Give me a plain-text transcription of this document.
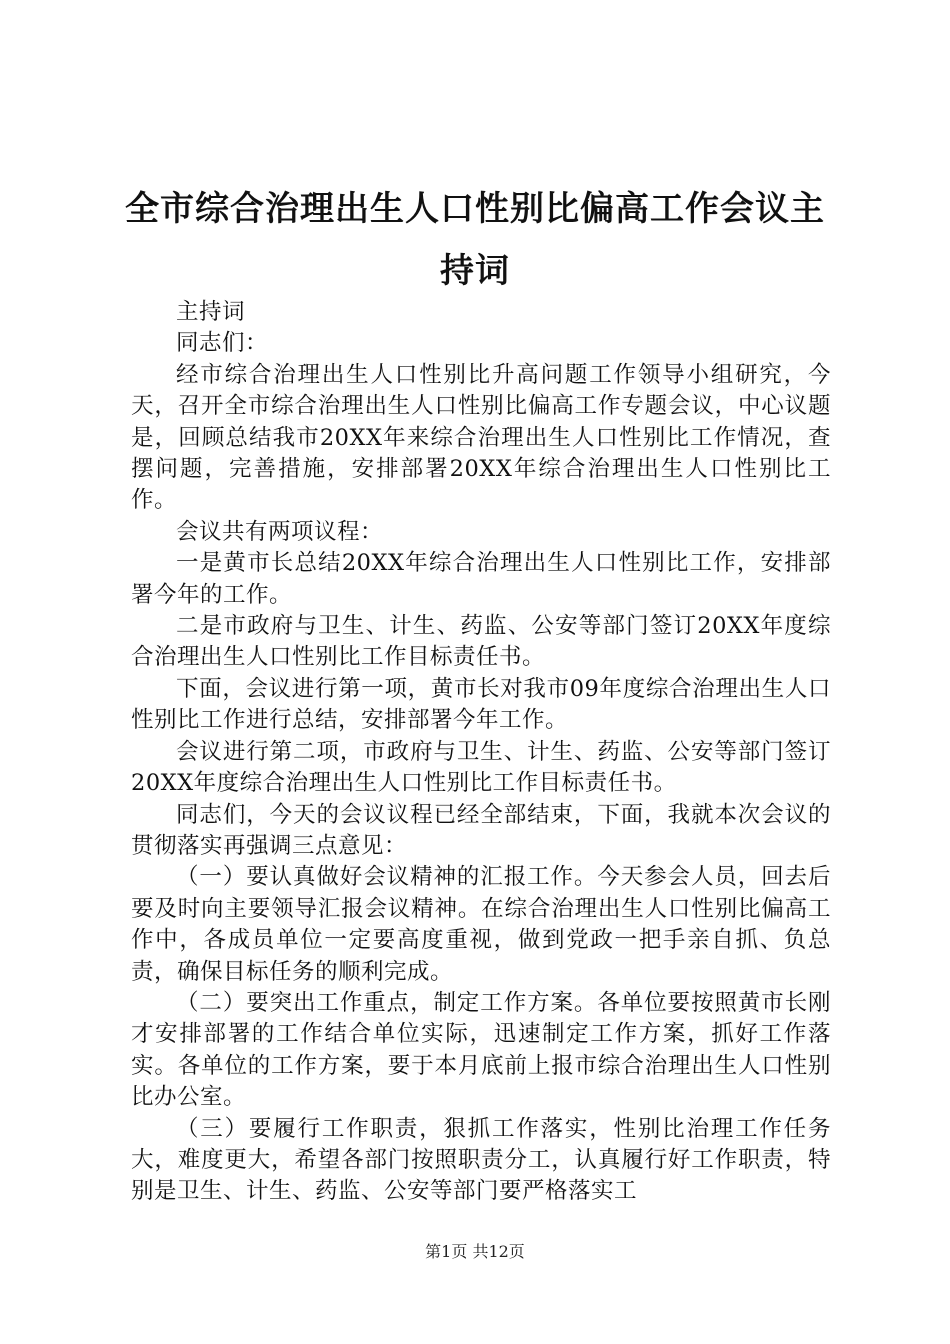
全市综合治理出生人口性别比偏高工作会议主持词

主持词

同志们：

经市综合治理出生人口性别比升高问题工作领导小组研究，今天，召开全市综合治理出生人口性别比偏高工作专题会议，中心议题是，回顾总结我市20XX年来综合治理出生人口性别比工作情况，查摆问题，完善措施，安排部署20XX年综合治理出生人口性别比工作。

会议共有两项议程：

一是黄市长总结20XX年综合治理出生人口性别比工作，安排部署今年的工作。

二是市政府与卫生、计生、药监、公安等部门签订20XX年度综合治理出生人口性别比工作目标责任书。

下面，会议进行第一项，黄市长对我市09年度综合治理出生人口性别比工作进行总结，安排部署今年工作。

会议进行第二项，市政府与卫生、计生、药监、公安等部门签订20XX年度综合治理出生人口性别比工作目标责任书。

同志们，今天的会议议程已经全部结束，下面，我就本次会议的贯彻落实再强调三点意见：

（一）要认真做好会议精神的汇报工作。今天参会人员，回去后要及时向主要领导汇报会议精神。在综合治理出生人口性别比偏高工作中，各成员单位一定要高度重视，做到党政一把手亲自抓、负总责，确保目标任务的顺利完成。

（二）要突出工作重点，制定工作方案。各单位要按照黄市长刚才安排部署的工作结合单位实际，迅速制定工作方案，抓好工作落实。各单位的工作方案，要于本月底前上报市综合治理出生人口性别比办公室。

（三）要履行工作职责，狠抓工作落实，性别比治理工作任务大，难度更大，希望各部门按照职责分工，认真履行好工作职责，特别是卫生、计生、药监、公安等部门要严格落实工

第1页 共12页
